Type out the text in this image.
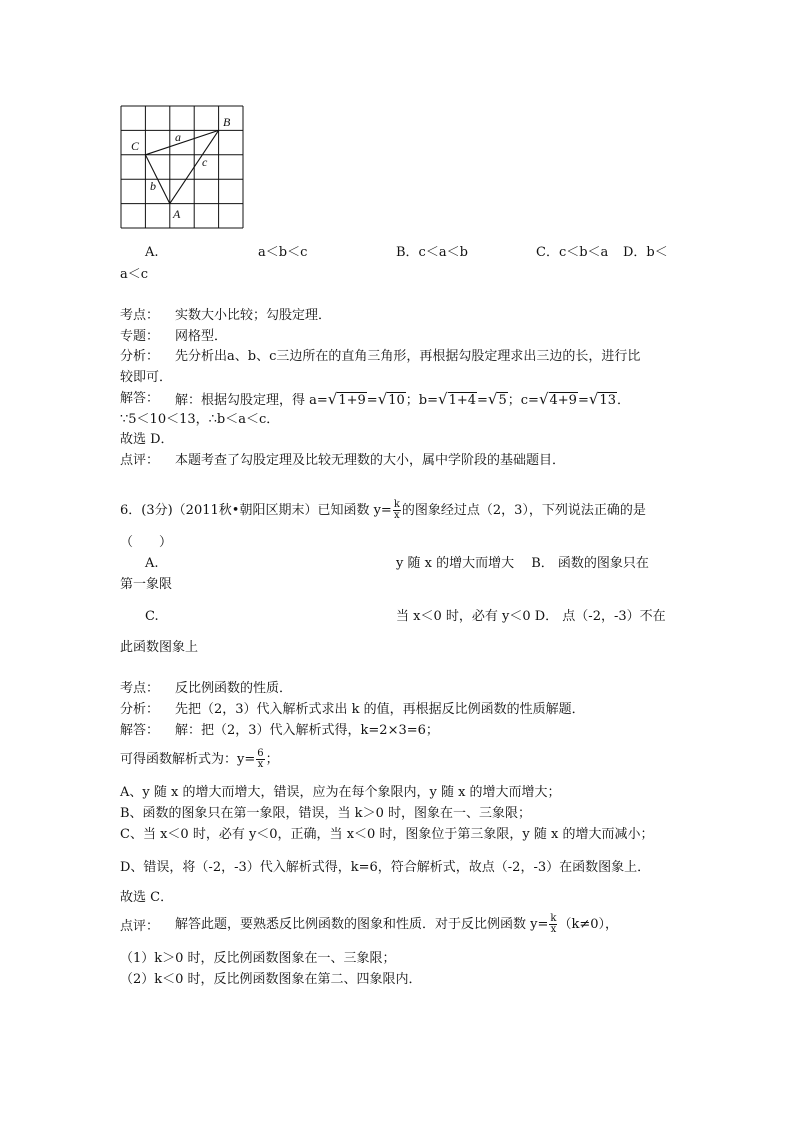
B
C
A
a
b
c
A.	a＜b＜c	B．c＜a＜b	C．c＜b＜a D．b＜
a＜c
考点： 实数大小比较；勾股定理．
专题： 网格型．
分析： 先分析出a、b、c三边所在的直角三角形，再根据勾股定理求出三边的长，进行比
较即可．
解答： 解：根据勾股定理，得 a=√1+9=√10；b=√1+4=√5；c=√4+9=√13．
∵5＜10＜13，∴b＜a＜c．
故选 D．
点评： 本题考查了勾股定理及比较无理数的大小，属中学阶段的基础题目．
6．(3分)（2011秋•朝阳区期末）已知函数 $y= \frac{k}{x}$ 的图象经过点（2，3），下列说法正确的是
（　　）
A.	y 随 x 的增大而增大　 B． 函数的图象只在
第一象限
C.	当 x＜0 时，必有 y＜0 D． 点（-2，-3）不在
此函数图象上
考点： 反比例函数的性质．
分析： 先把（2，3）代入解析式求出 k 的值，再根据反比例函数的性质解题．
解答： 解：把（2，3）代入解析式得，k=2×3=6；
可得函数解析式为：$y= \frac{6}{x}$ ；
A、y 随 x 的增大而增大，错误，应为在每个象限内，y 随 x 的增大而增大；
B、函数的图象只在第一象限，错误，当 k＞0 时，图象在一、三象限；
C、当 x＜0 时，必有 y＜0，正确，当 x＜0 时，图象位于第三象限，y 随 x 的增大而减小；
D、错误，将（-2，-3）代入解析式得，k=6，符合解析式，故点（-2，-3）在函数图象上．
故选 C．
点评： 解答此题，要熟悉反比例函数的图象和性质．对于反比例函数 $y= \frac{k}{x} (k\ne 0)$，
（1）k＞0 时，反比例函数图象在一、三象限；
（2）k＜0 时，反比例函数图象在第二、四象限内．
